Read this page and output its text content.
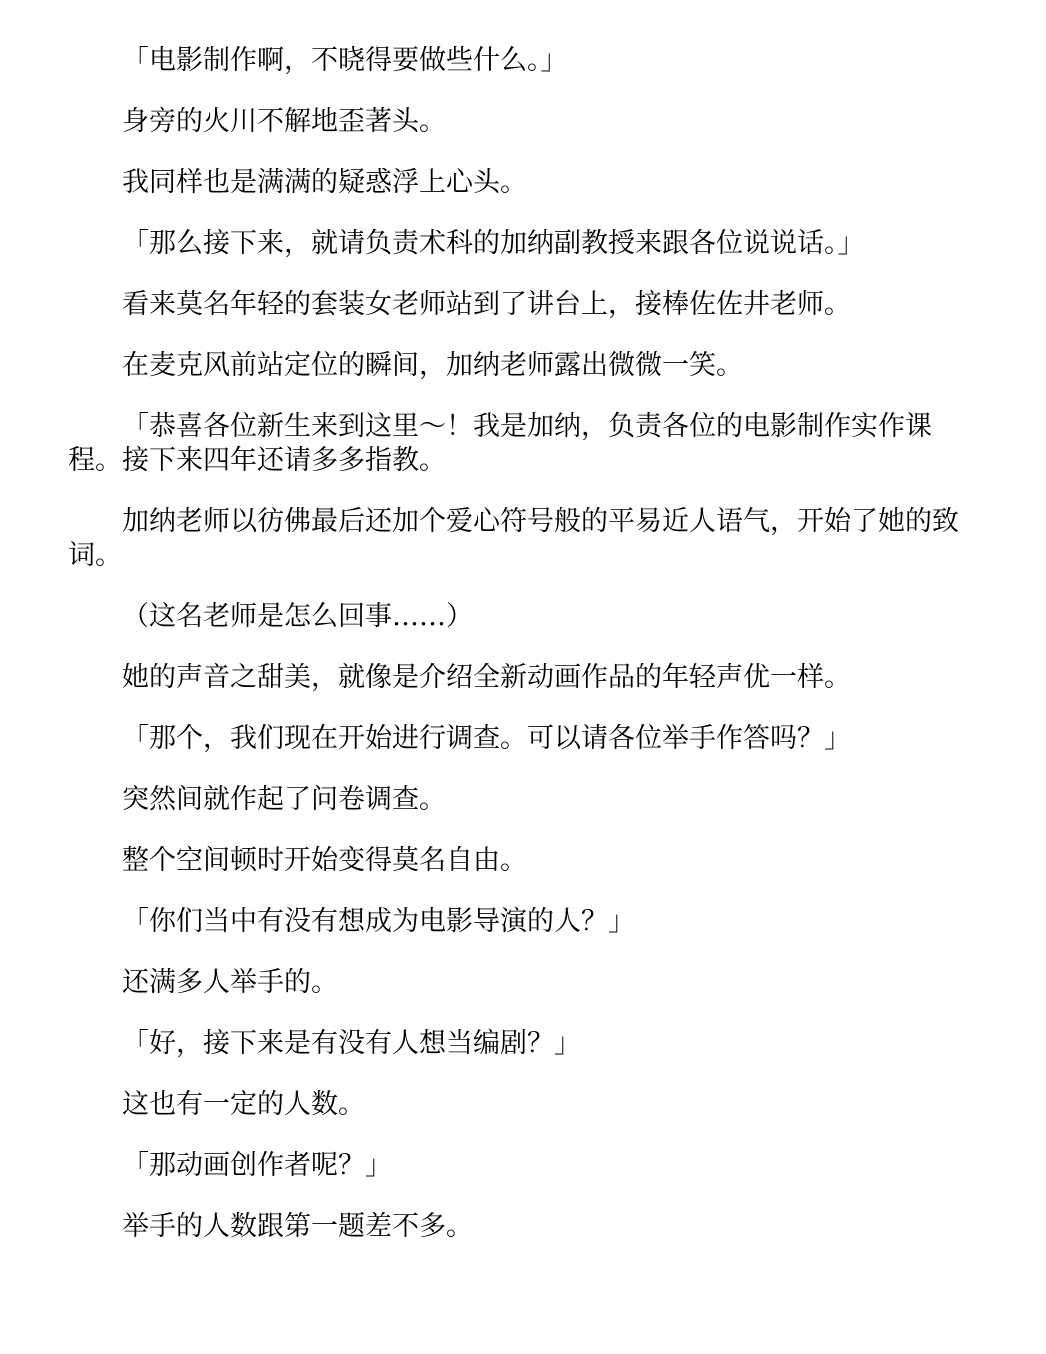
「电影制作啊，不晓得要做些什么。」

身旁的火川不解地歪著头。

我同样也是满满的疑惑浮上心头。

「那么接下来，就请负责术科的加纳副教授来跟各位说说话。」

看来莫名年轻的套装女老师站到了讲台上，接棒佐佐井老师。

在麦克风前站定位的瞬间，加纳老师露出微微一笑。

「恭喜各位新生来到这里～！我是加纳，负责各位的电影制作实作课程。接下来四年还请多多指教。

加纳老师以彷佛最后还加个爱心符号般的平易近人语气，开始了她的致词。

（这名老师是怎么回事……）

她的声音之甜美，就像是介绍全新动画作品的年轻声优一样。

「那个，我们现在开始进行调查。可以请各位举手作答吗？」

突然间就作起了问卷调查。

整个空间顿时开始变得莫名自由。

「你们当中有没有想成为电影导演的人？」

还满多人举手的。

「好，接下来是有没有人想当编剧？」

这也有一定的人数。

「那动画创作者呢？」

举手的人数跟第一题差不多。
